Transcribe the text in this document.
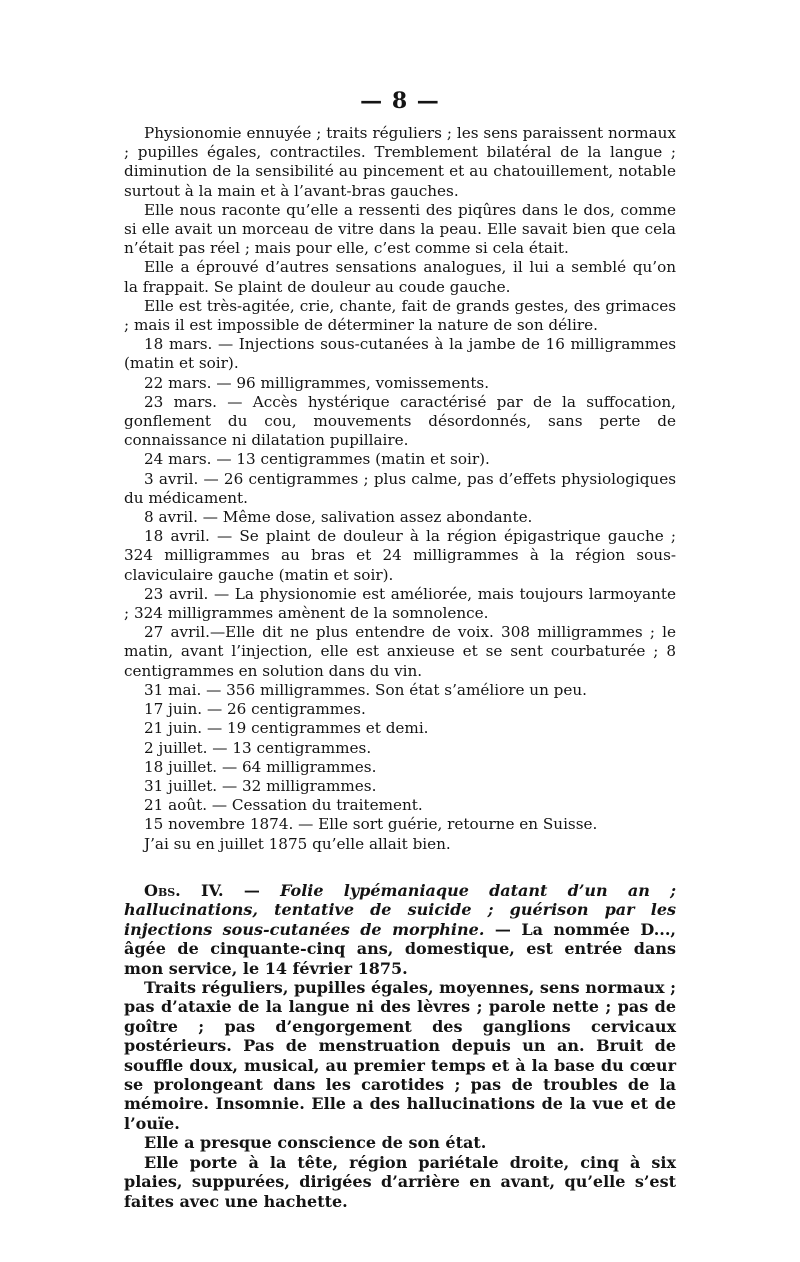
— 8 —

Physionomie ennuyée ; traits réguliers ; les sens paraissent normaux ; pupilles égales, contractiles. Tremblement bilatéral de la langue ; diminution de la sensibilité au pincement et au chatouillement, notable surtout à la main et à l’avant-bras gauches.

Elle nous raconte qu’elle a ressenti des piqûres dans le dos, comme si elle avait un morceau de vitre dans la peau. Elle savait bien que cela n’était pas réel ; mais pour elle, c’est comme si cela était.

Elle a éprouvé d’autres sensations analogues, il lui a semblé qu’on la frappait. Se plaint de douleur au coude gauche.

Elle est très-agitée, crie, chante, fait de grands gestes, des grimaces ; mais il est impossible de déterminer la nature de son délire.

18 mars. — Injections sous-cutanées à la jambe de 16 milligrammes (matin et soir).

22 mars. — 96 milligrammes, vomissements.

23 mars. — Accès hystérique caractérisé par de la suffocation, gonflement du cou, mouvements désordonnés, sans perte de connaissance ni dilatation pupillaire.

24 mars. — 13 centigrammes (matin et soir).

3 avril. — 26 centigrammes ; plus calme, pas d’effets physiologiques du médicament.

8 avril. — Même dose, salivation assez abondante.

18 avril. — Se plaint de douleur à la région épigastrique gauche ; 324 milligrammes au bras et 24 milligrammes à la région sous-claviculaire gauche (matin et soir).

23 avril. — La physionomie est améliorée, mais toujours larmoyante ; 324 milligrammes amènent de la somnolence.

27 avril.—Elle dit ne plus entendre de voix. 308 milligrammes ; le matin, avant l’injection, elle est anxieuse et se sent courbaturée ; 8 centigrammes en solution dans du vin.

31 mai. — 356 milligrammes. Son état s’améliore un peu.

17 juin. — 26 centigrammes.

21 juin. — 19 centigrammes et demi.

2 juillet. — 13 centigrammes.

18 juillet. — 64 milligrammes.

31 juillet. — 32 milligrammes.

21 août. — Cessation du traitement.

15 novembre 1874. — Elle sort guérie, retourne en Suisse.

J’ai su en juillet 1875 qu’elle allait bien.

Obs. IV. — Folie lypémaniaque datant d’un an ; hallucinations, tentative de suicide ; guérison par les injections sous-cutanées de morphine. — La nommée D..., âgée de cinquante-cinq ans, domestique, est entrée dans mon service, le 14 février 1875.

Traits réguliers, pupilles égales, moyennes, sens normaux ; pas d’ataxie de la langue ni des lèvres ; parole nette ; pas de goître ; pas d’engorgement des ganglions cervicaux postérieurs. Pas de menstruation depuis un an. Bruit de souffle doux, musical, au premier temps et à la base du cœur se prolongeant dans les carotides ; pas de troubles de la mémoire. Insomnie. Elle a des hallucinations de la vue et de l’ouïe.

Elle a presque conscience de son état.

Elle porte à la tête, région pariétale droite, cinq à six plaies, suppurées, dirigées d’arrière en avant, qu’elle s’est faites avec une hachette.
